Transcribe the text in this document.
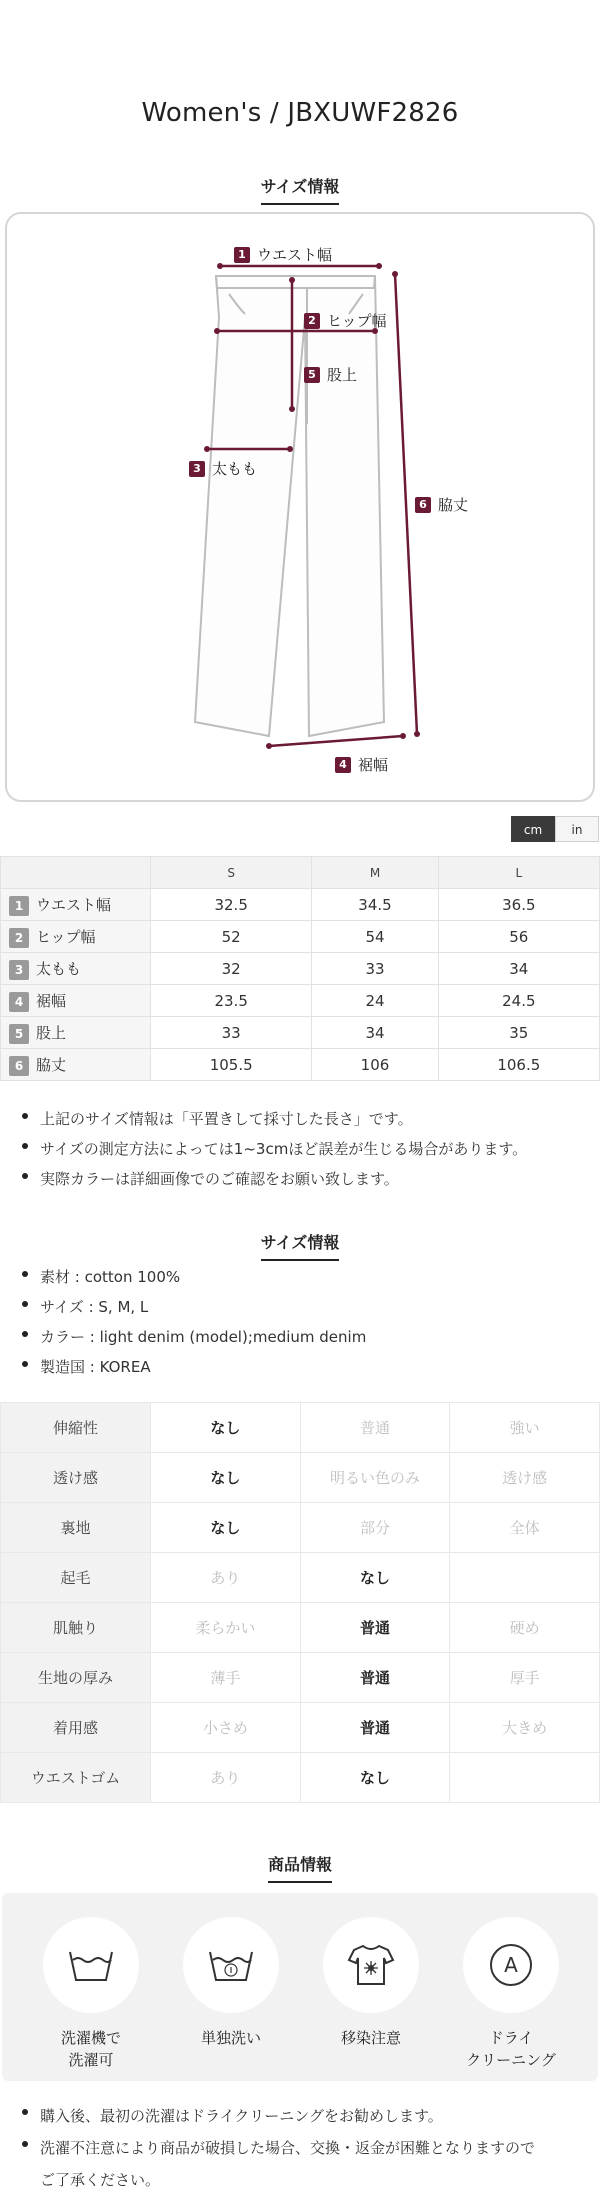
Women's / JBXUWF2826
サイズ情報
1 ウエスト幅
2 ヒップ幅
5 股上
3 太もも
6 脇丈
4 裾幅
cm	in
	S	M	L
1 ウエスト幅	32.5	34.5	36.5
2 ヒップ幅	52	54	56
3 太もも	32	33	34
4 裾幅	23.5	24	24.5
5 股上	33	34	35
6 脇丈	105.5	106	106.5
上記のサイズ情報は「平置きして採寸した長さ」です。
サイズの測定方法によっては1~3cmほど誤差が生じる場合があります。
実際カラーは詳細画像でのご確認をお願い致します。
サイズ情報
素材 : cotton 100%
サイズ : S, M, L
カラー : light denim (model);medium denim
製造国 : KOREA
伸縮性	なし	普通	強い
透け感	なし	明るい色のみ	透け感
裏地	なし	部分	全体
起毛	あり	なし	
肌触り	柔らかい	普通	硬め
生地の厚み	薄手	普通	厚手
着用感	小さめ	普通	大きめ
ウエストゴム	あり	なし	
商品情報
洗濯機で
洗濯可
単独洗い	移染注意
A
ドライ
クリーニング
購入後、最初の洗濯はドライクリーニングをお勧めします。
洗濯不注意により商品が破損した場合、交換・返金が困難となりますので
ご了承ください。
